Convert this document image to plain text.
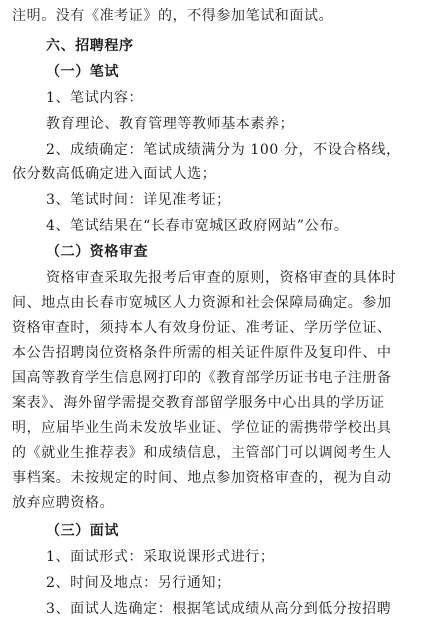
注明。没有《准考证》的，不得参加笔试和面试。
六、招聘程序
（一）笔试
1、笔试内容：
教育理论、教育管理等教师基本素养；
2、成绩确定：笔试成绩满分为 100 分，不设合格线，
依分数高低确定进入面试人选；
3、笔试时间：详见准考证；
4、笔试结果在“长春市宽城区政府网站”公布。
（二）资格审查
资格审查采取先报考后审查的原则，资格审查的具体时
间、地点由长春市宽城区人力资源和社会保障局确定。参加
资格审查时，须持本人有效身份证、准考证、学历学位证、
本公告招聘岗位资格条件所需的相关证件原件及复印件、中
国高等教育学生信息网打印的《教育部学历证书电子注册备
案表》、海外留学需提交教育部留学服务中心出具的学历证
明，应届毕业生尚未发放毕业证、学位证的需携带学校出具
的《就业生推荐表》和成绩信息，主管部门可以调阅考生人
事档案。未按规定的时间、地点参加资格审查的，视为自动
放弃应聘资格。
（三）面试
1、面试形式：采取说课形式进行；
2、时间及地点：另行通知；
3、面试人选确定：根据笔试成绩从高分到低分按招聘
